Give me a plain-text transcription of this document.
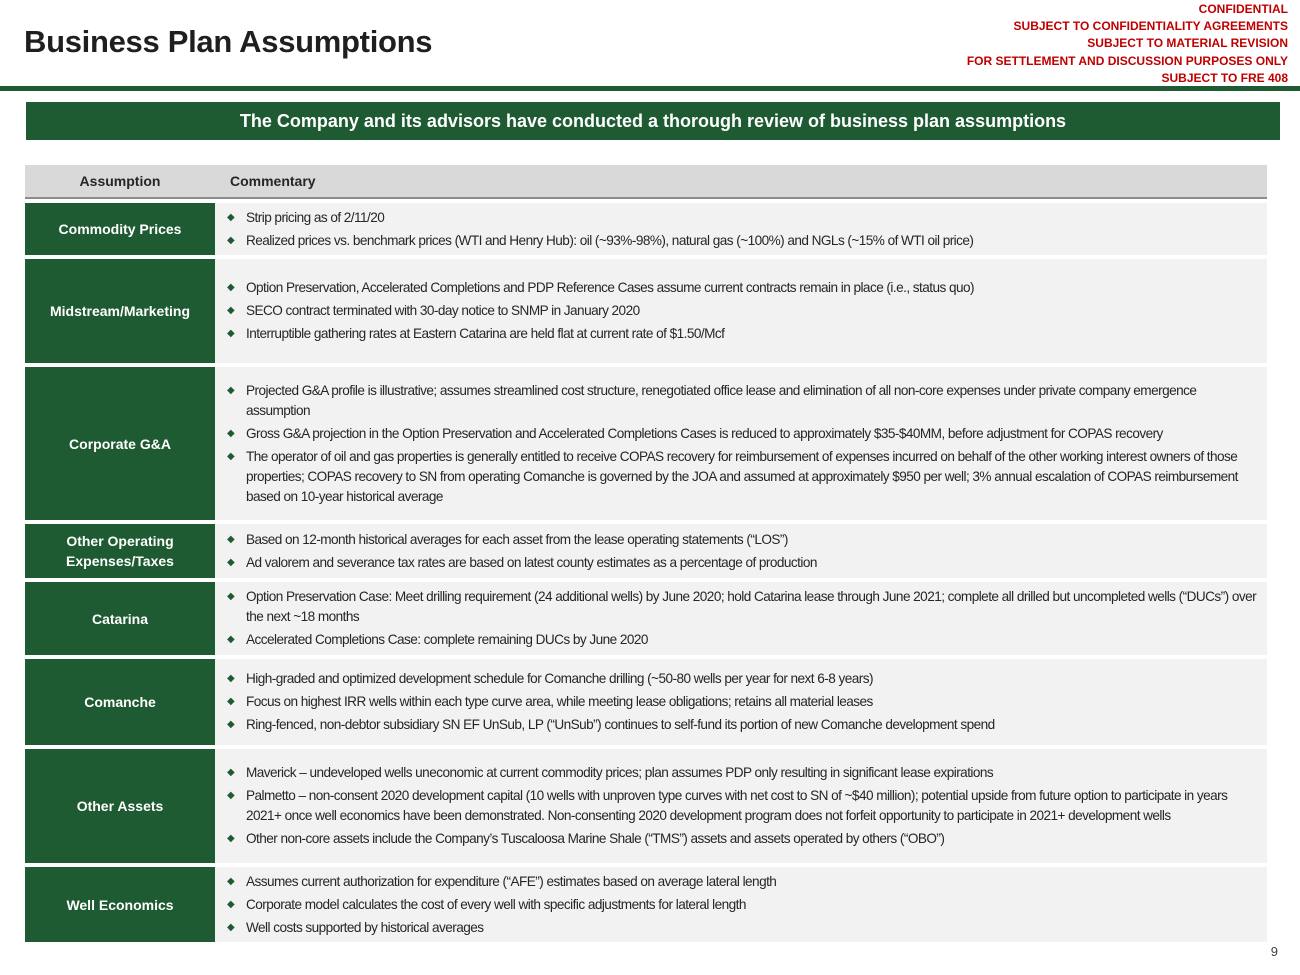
Business Plan Assumptions
CONFIDENTIAL
SUBJECT TO CONFIDENTIALITY AGREEMENTS
SUBJECT TO MATERIAL REVISION
FOR SETTLEMENT AND DISCUSSION PURPOSES ONLY
SUBJECT TO FRE 408
The Company and its advisors have conducted a thorough review of business plan assumptions
Assumption	Commentary
Commodity Prices
◆ Strip pricing as of 2/11/20
◆ Realized prices vs. benchmark prices (WTI and Henry Hub): oil (~93%-98%), natural gas (~100%) and NGLs (~15% of WTI oil price)
Midstream/Marketing
◆ Option Preservation, Accelerated Completions and PDP Reference Cases assume current contracts remain in place (i.e., status quo)
◆ SECO contract terminated with 30-day notice to SNMP in January 2020
◆ Interruptible gathering rates at Eastern Catarina are held flat at current rate of $1.50/Mcf
Corporate G&A
◆ Projected G&A profile is illustrative; assumes streamlined cost structure, renegotiated office lease and elimination of all non-core expenses under private company emergence assumption
◆ Gross G&A projection in the Option Preservation and Accelerated Completions Cases is reduced to approximately $35-$40MM, before adjustment for COPAS recovery
◆ The operator of oil and gas properties is generally entitled to receive COPAS recovery for reimbursement of expenses incurred on behalf of the other working interest owners of those properties; COPAS recovery to SN from operating Comanche is governed by the JOA and assumed at approximately $950 per well; 3% annual escalation of COPAS reimbursement based on 10-year historical average
Other Operating Expenses/Taxes
◆ Based on 12-month historical averages for each asset from the lease operating statements (“LOS”)
◆ Ad valorem and severance tax rates are based on latest county estimates as a percentage of production
Catarina
◆ Option Preservation Case: Meet drilling requirement (24 additional wells) by June 2020; hold Catarina lease through June 2021; complete all drilled but uncompleted wells (“DUCs”) over the next ~18 months
◆ Accelerated Completions Case: complete remaining DUCs by June 2020
Comanche
◆ High-graded and optimized development schedule for Comanche drilling (~50-80 wells per year for next 6-8 years)
◆ Focus on highest IRR wells within each type curve area, while meeting lease obligations; retains all material leases
◆ Ring-fenced, non-debtor subsidiary SN EF UnSub, LP (“UnSub”) continues to self-fund its portion of new Comanche development spend
Other Assets
◆ Maverick – undeveloped wells uneconomic at current commodity prices; plan assumes PDP only resulting in significant lease expirations
◆ Palmetto – non-consent 2020 development capital (10 wells with unproven type curves with net cost to SN of ~$40 million); potential upside from future option to participate in years 2021+ once well economics have been demonstrated. Non-consenting 2020 development program does not forfeit opportunity to participate in 2021+ development wells
◆ Other non-core assets include the Company’s Tuscaloosa Marine Shale (“TMS”) assets and assets operated by others (“OBO”)
Well Economics
◆ Assumes current authorization for expenditure (“AFE”) estimates based on average lateral length
◆ Corporate model calculates the cost of every well with specific adjustments for lateral length
◆ Well costs supported by historical averages
9
